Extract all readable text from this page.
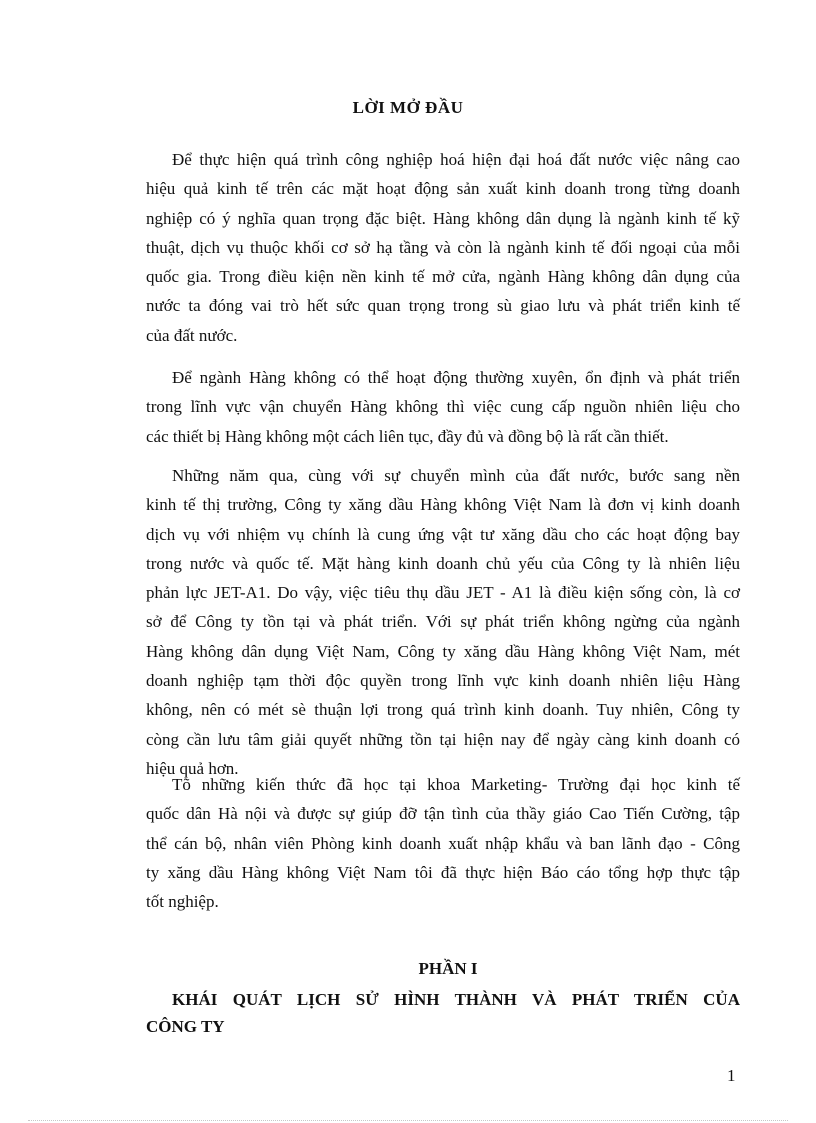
LỜI MỞ ĐẦU
Để thực hiện quá trình công nghiệp hoá hiện đại hoá đất nước việc nâng cao
hiệu quả kinh tế trên các mặt hoạt động sản xuất kinh doanh trong từng doanh
nghiệp có ý nghĩa quan trọng đặc biệt. Hàng không dân dụng là ngành kinh tế kỹ
thuật, dịch vụ thuộc khối cơ sở hạ tầng và còn là ngành kinh tế đối ngoại của mỗi
quốc gia. Trong điều kiện nền kinh tế mở cửa, ngành Hàng không dân dụng của
nước ta đóng vai trò hết sức quan trọng trong sù giao lưu và phát triển kinh tế
của đất nước.
Để ngành Hàng không có thể hoạt động thường xuyên, ổn định và phát triển
trong lĩnh vực vận chuyển Hàng không thì việc cung cấp nguồn nhiên liệu cho
các thiết bị Hàng không một cách liên tục, đầy đủ và đồng bộ là rất cần thiết.
Những năm qua, cùng với sự chuyển mình của đất nước, bước sang nền
kinh tế thị trường, Công ty xăng dầu Hàng không Việt Nam là đơn vị kinh doanh
dịch vụ với nhiệm vụ chính là cung ứng vật tư xăng dầu cho các hoạt động bay
trong nước và quốc tế. Mặt hàng kinh doanh chủ yếu của Công ty là nhiên liệu
phản lực JET-A1. Do vậy, việc tiêu thụ dầu JET - A1 là điều kiện sống còn, là cơ
sở để Công ty tồn tại và phát triển. Với sự phát triển không ngừng của ngành
Hàng không dân dụng Việt Nam, Công ty xăng dầu Hàng không Việt Nam, mét
doanh nghiệp tạm thời độc quyền trong lĩnh vực kinh doanh nhiên liệu Hàng
không, nên có mét sè thuận lợi trong quá trình kinh doanh. Tuy nhiên, Công ty
còng cần lưu tâm giải quyết những tồn tại hiện nay để ngày càng kinh doanh có
hiệu quả hơn.
Tõ những kiến thức đã học tại khoa Marketing- Trường đại học kinh tế
quốc dân Hà nội và được sự giúp đỡ tận tình của thầy giáo Cao Tiến Cường, tập
thể cán bộ, nhân viên Phòng kinh doanh xuất nhập khẩu và ban lãnh đạo - Công
ty xăng dầu Hàng không Việt Nam tôi đã thực hiện Báo cáo tổng hợp thực tập
tốt nghiệp.
PHẦN I
KHÁI QUÁT LỊCH SỬ HÌNH THÀNH VÀ PHÁT TRIỂN CỦA
CÔNG TY
1
